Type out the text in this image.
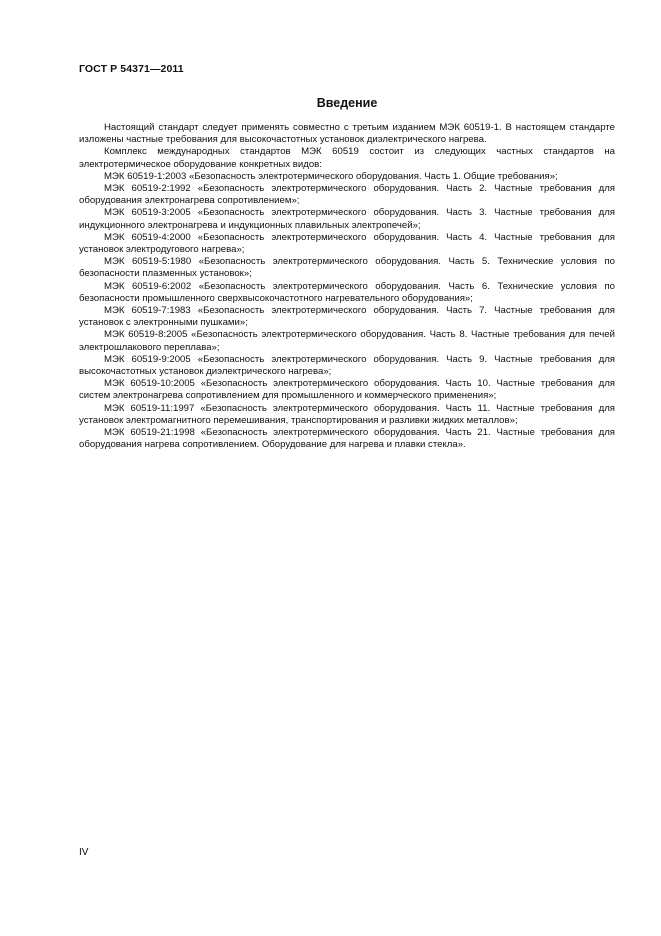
ГОСТ Р 54371—2011
Введение

Настоящий стандарт следует применять совместно с третьим изданием МЭК 60519-1. В настоящем стандарте изложены частные требования для высокочастотных установок диэлектрического нагрева.

Комплекс международных стандартов МЭК 60519 состоит из следующих частных стандартов на электротермическое оборудование конкретных видов:

МЭК 60519-1:2003 «Безопасность электротермического оборудования. Часть 1. Общие требования»;

МЭК 60519-2:1992 «Безопасность электротермического оборудования. Часть 2. Частные требования для оборудования электронагрева сопротивлением»;

МЭК 60519-3:2005 «Безопасность электротермического оборудования. Часть 3. Частные требования для индукционного электронагрева и индукционных плавильных электропечей»;

МЭК 60519-4:2000 «Безопасность электротермического оборудования. Часть 4. Частные требования для установок электродугового нагрева»;

МЭК 60519-5:1980 «Безопасность электротермического оборудования. Часть 5. Технические условия по безопасности плазменных установок»;

МЭК 60519-6:2002 «Безопасность электротермического оборудования. Часть 6. Технические условия по безопасности промышленного сверхвысокочастотного нагревательного оборудования»;

МЭК 60519-7:1983 «Безопасность электротермического оборудования. Часть 7. Частные требования для установок с электронными пушками»;

МЭК 60519-8:2005 «Безопасность электротермического оборудования. Часть 8. Частные требования для печей электрошлакового переплава»;

МЭК 60519-9:2005 «Безопасность электротермического оборудования. Часть 9. Частные требования для высокочастотных установок диэлектрического нагрева»;

МЭК 60519-10:2005 «Безопасность электротермического оборудования. Часть 10. Частные требования для систем электронагрева сопротивлением для промышленного и коммерческого применения»;

МЭК 60519-11:1997 «Безопасность электротермического оборудования. Часть 11. Частные требования для установок электромагнитного перемешивания, транспортирования и разливки жидких металлов»;

МЭК 60519-21:1998 «Безопасность электротермического оборудования. Часть 21. Частные требования для оборудования нагрева сопротивлением. Оборудование для нагрева и плавки стекла».

IV
